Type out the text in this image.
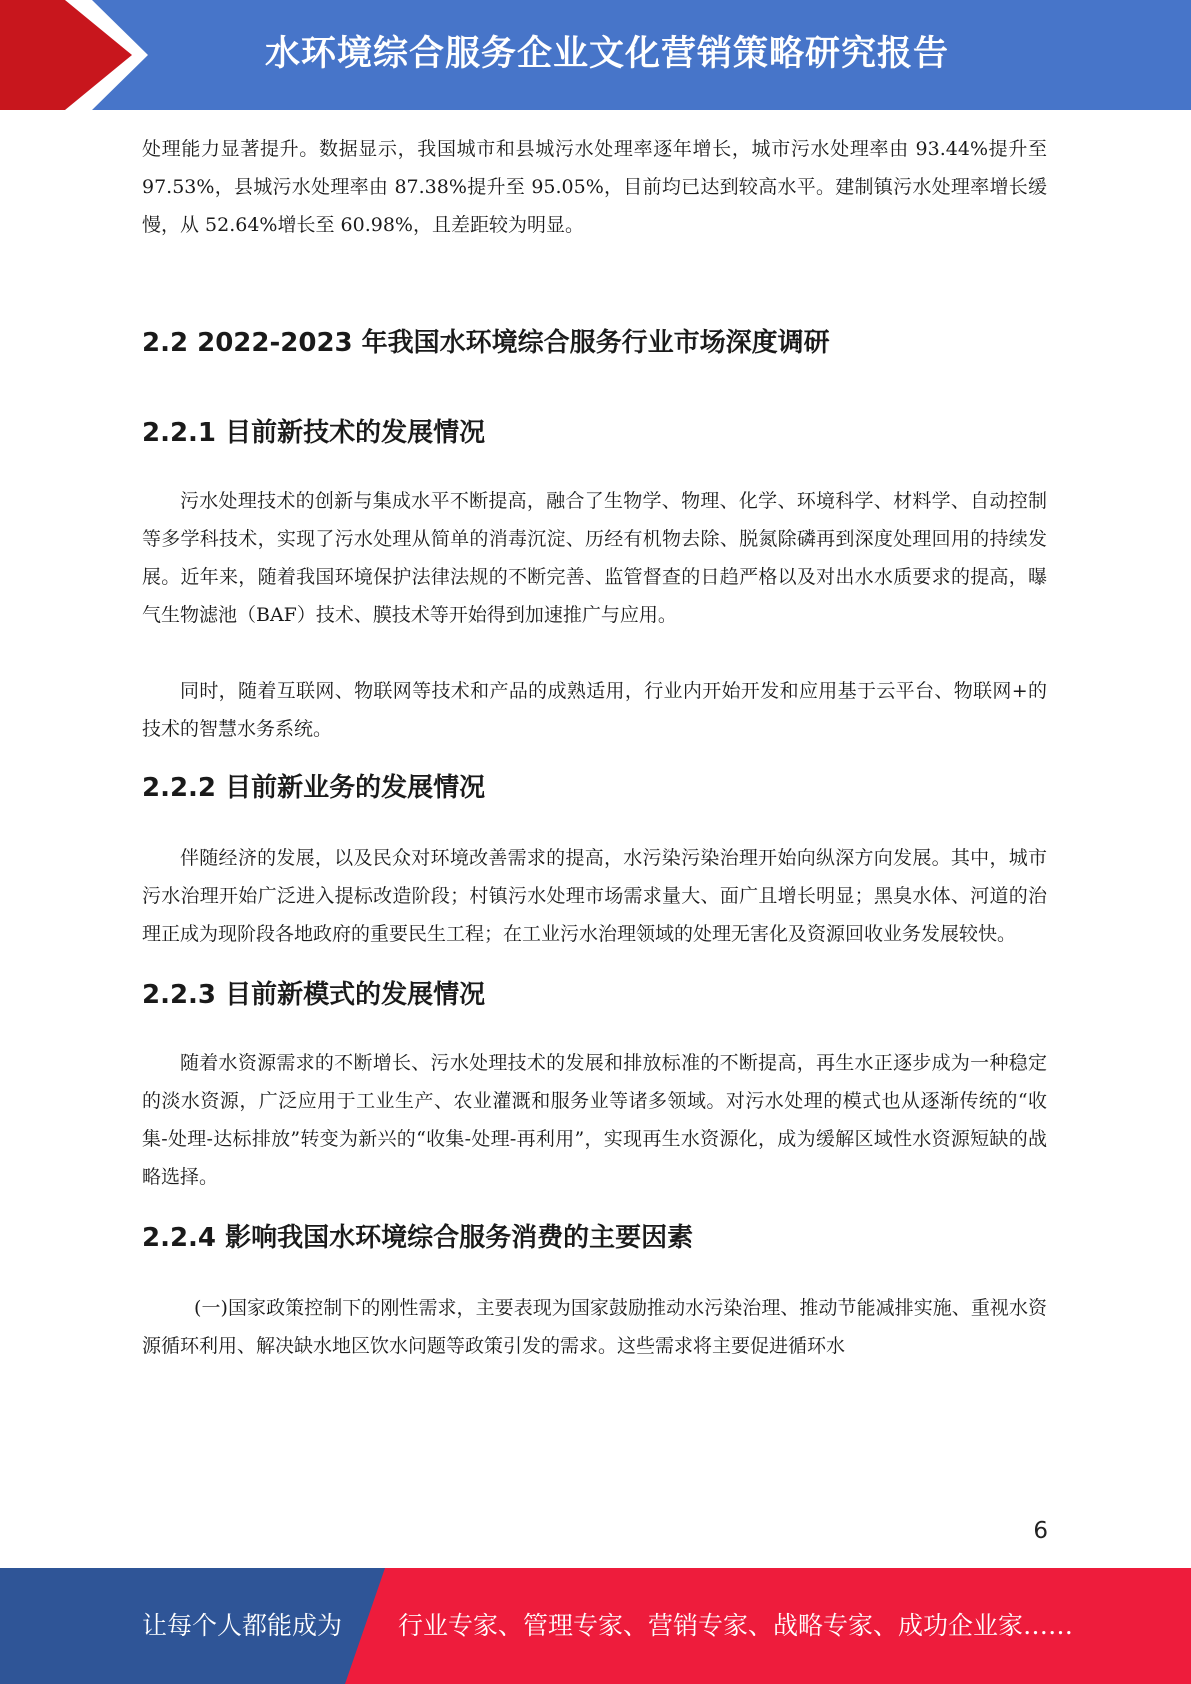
水环境综合服务企业文化营销策略研究报告

处理能力显著提升。数据显示，我国城市和县城污水处理率逐年增长，城市污水处理率由 93.44%提升至 97.53%，县城污水处理率由 87.38%提升至 95.05%，目前均已达到较高水平。建制镇污水处理率增长缓慢，从 52.64%增长至 60.98%，且差距较为明显。

2.2 2022-2023 年我国水环境综合服务行业市场深度调研
2.2.1 目前新技术的发展情况

污水处理技术的创新与集成水平不断提高，融合了生物学、物理、化学、环境科学、材料学、自动控制等多学科技术，实现了污水处理从简单的消毒沉淀、历经有机物去除、脱氮除磷再到深度处理回用的持续发展。近年来，随着我国环境保护法律法规的不断完善、监管督查的日趋严格以及对出水水质要求的提高，曝气生物滤池（BAF）技术、膜技术等开始得到加速推广与应用。

同时，随着互联网、物联网等技术和产品的成熟适用，行业内开始开发和应用基于云平台、物联网+的技术的智慧水务系统。

2.2.2 目前新业务的发展情况

伴随经济的发展，以及民众对环境改善需求的提高，水污染污染治理开始向纵深方向发展。其中，城市污水治理开始广泛进入提标改造阶段；村镇污水处理市场需求量大、面广且增长明显；黑臭水体、河道的治理正成为现阶段各地政府的重要民生工程；在工业污水治理领域的处理无害化及资源回收业务发展较快。

2.2.3 目前新模式的发展情况

随着水资源需求的不断增长、污水处理技术的发展和排放标准的不断提高，再生水正逐步成为一种稳定的淡水资源，广泛应用于工业生产、农业灌溉和服务业等诸多领域。对污水处理的模式也从逐渐传统的“收集-处理-达标排放”转变为新兴的“收集-处理-再利用”，实现再生水资源化，成为缓解区域性水资源短缺的战略选择。

2.2.4 影响我国水环境综合服务消费的主要因素

(一)国家政策控制下的刚性需求，主要表现为国家鼓励推动水污染治理、推动节能减排实施、重视水资源循环利用、解决缺水地区饮水问题等政策引发的需求。这些需求将主要促进循环水

6
让每个人都能成为 行业专家、管理专家、营销专家、战略专家、成功企业家……
